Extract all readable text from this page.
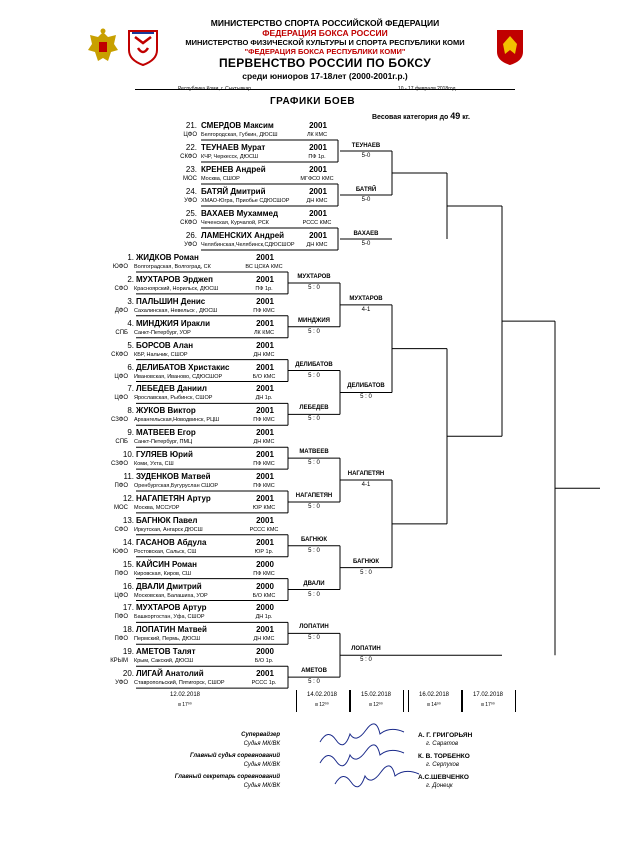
МИНИСТЕРСТВО СПОРТА РОССИЙСКОЙ ФЕДЕРАЦИИ
ФЕДЕРАЦИЯ БОКСА РОССИИ
МИНИСТЕРСТВО ФИЗИЧЕСКОЙ КУЛЬТУРЫ И СПОРТА РЕСПУБЛИКИ КОМИ
"ФЕДЕРАЦИЯ БОКСА РЕСПУБЛИКИ КОМИ"
ПЕРВЕНСТВО РОССИИ ПО БОКСУ
среди юниоров 17-18лет (2000-2001г.р.)
Республика Коми, г. Сыктывкар	10 - 17 февраля 2018год
ГРАФИКИ БОЕВ
Весовая категория до 49 кг.
21. СМЕРДОВ Максим	2001
ЦФО Белгородская, Губкин, ДЮСШ	ЛК КМС
22. ТЕУНАЕВ Мурат	2001
СКФО КЧР, Черкесск, ДЮСШ	ПФ 1р.
23. КРЕНЕВ Андрей	2001
МОС Москва, СШОР	МГФСО КМС
24. БАТЯЙ Дмитрий	2001
УФО ХМАО-Югра, Приобье СДЮСШОР	ДН КМС
25. ВАХАЕВ Мухаммед	2001
СКФО Чеченская, Курчалой, РСК	РССС КМС
26. ЛАМЕНСКИХ Андрей	2001
УФО Челябинская,Челябинск,СДЮСШОР	ДН КМС
ТЕУНАЕВ
5-0
БАТЯЙ
5-0
ВАХАЕВ
5-0
1. ЖИДКОВ Роман	2001
ЮФО Волгоградская, Волгоград, СК	ВС ЦСКА КМС
2. МУХТАРОВ Эрджеп	2001
СФО Красноярский, Норильск, ДЮСШ	ПФ 1р.
3. ПАЛЬШИН Денис	2001
ДФО Сахалинская, Невельск , ДЮСШ	ПФ КМС
4. МИНДЖИЯ Иракли	2001
СПБ Санкт-Петербург, УОР	ЛК КМС
5. БОРСОВ Алан	2001
СКФО КБР, Нальчик, СШОР	ДН КМС
6. ДЕЛИБАТОВ Христакис	2001
ЦФО Ивановская, Иваново, СДЮСШОР	Б/О КМС
7. ЛЕБЕДЕВ Даниил	2001
ЦФО Ярославская, Рыбинск, СШОР	ДН 1р.
8. ЖУКОВ Виктор	2001
СЗФО Архангельская,Новодвинск, РЦШ	ПФ КМС
9. МАТВЕЕВ Егор	2001
СПБ Санкт-Петербург, ПМЦ	ДН КМС
10. ГУЛЯЕВ Юрий	2001
СЗФО Коми, Ухта, СШ	ПФ КМС
11. ЗУДЕНКОВ Матвей	2001
ПФО Оренбургская,Бугуруслан СШОР	ПФ КМС
12. НАГАПЕТЯН Артур	2001
МОС Москва, МССУОР	ЮР КМС
13. БАГНЮК Павел	2001
СФО Иркутская, Ангарск ДЮСШ	РССС КМС
14. ГАСАНОВ Абдула	2001
ЮФО Ростовская, Сальск, СШ	ЮР 1р.
15. КАЙСИН Роман	2000
ПФО Кировская, Киров, СШ	ПФ КМС
16. ДВАЛИ Дмитрий	2000
ЦФО Московская, Балашиха, УОР	Б/О КМС
17. МУХТАРОВ Артур	2000
ПФО Башкортостан, Уфа, СШОР	ДН 1р.
18. ЛОПАТИН Матвей	2001
ПФО Пермский, Пермь, ДЮСШ	ДН КМС
19. АМЕТОВ Талят	2000
КРЫМ Крым, Сакский, ДЮСШ	Б/О 1р.
20. ЛИГАЙ Анатолий	2001
УФО Ставропольский, Пятигорск, СШОР	РССС 1р.
МУХТАРОВ
5 : 0
МИНДЖИЯ
5 : 0
ДЕЛИБАТОВ
5 : 0
ЛЕБЕДЕВ
5 : 0
МАТВЕЕВ
5 : 0
НАГАПЕТЯН
5 : 0
БАГНЮК
5 : 0
ДВАЛИ
5 : 0
ЛОПАТИН
5 : 0
АМЕТОВ
5 : 0
МУХТАРОВ
4-1
ДЕЛИБАТОВ
5 : 0
НАГАПЕТЯН
4-1
БАГНЮК
5 : 0
ЛОПАТИН
5 : 0
12.02.2018
в 17⁰⁰
14.02.2018
в 12⁰⁰
15.02.2018
в 12⁰⁰
16.02.2018
в 14⁰⁰
17.02.2018
в 17⁰⁰
Супервайзер
Судья МК/ВК
А. Г. ГРИГОРЬЯН
г. Саратов
Главный судья соревнований
Судья МК/ВК
К. В. ТОРБЕНКО
г. Серпухов
Главный секретарь соревнований
Судья МК/ВК
А.С.ШЕВЧЕНКО
г. Донецк
